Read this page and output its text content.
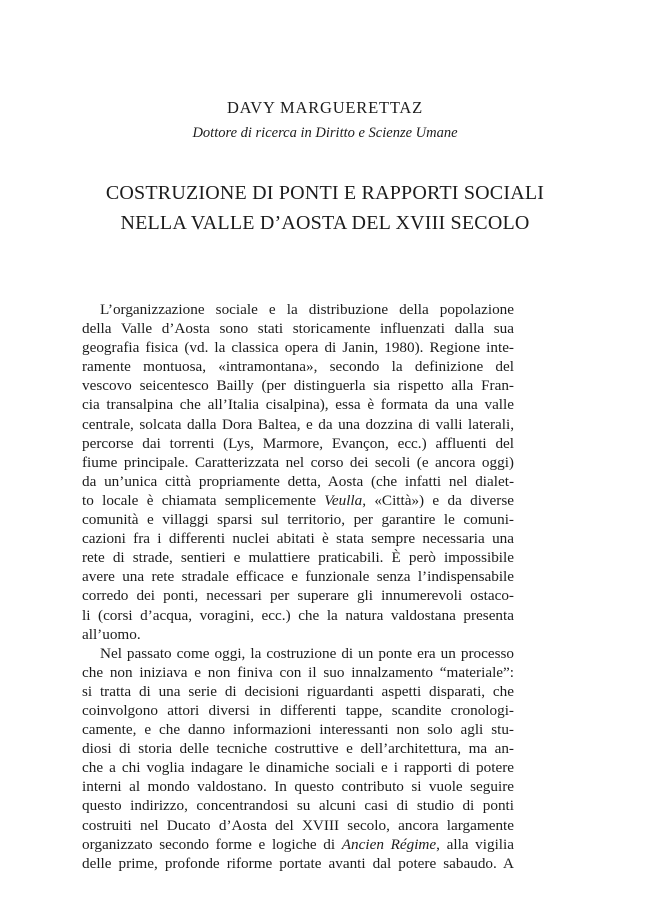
DAVY MARGUERETTAZ
Dottore di ricerca in Diritto e Scienze Umane
COSTRUZIONE DI PONTI E RAPPORTI SOCIALI
NELLA VALLE D’AOSTA DEL XVIII SECOLO
L’organizzazione sociale e la distribuzione della popolazione
della Valle d’Aosta sono stati storicamente influenzati dalla sua
geografia fisica (vd. la classica opera di Janin, 1980). Regione inte-
ramente montuosa, «intramontana», secondo la definizione del
vescovo seicentesco Bailly (per distinguerla sia rispetto alla Fran-
cia transalpina che all’Italia cisalpina), essa è formata da una valle
centrale, solcata dalla Dora Baltea, e da una dozzina di valli laterali,
percorse dai torrenti (Lys, Marmore, Evançon, ecc.) affluenti del
fiume principale. Caratterizzata nel corso dei secoli (e ancora oggi)
da un’unica città propriamente detta, Aosta (che infatti nel dialet-
to locale è chiamata semplicemente Veulla, «Città») e da diverse
comunità e villaggi sparsi sul territorio, per garantire le comuni-
cazioni fra i differenti nuclei abitati è stata sempre necessaria una
rete di strade, sentieri e mulattiere praticabili. È però impossibile
avere una rete stradale efficace e funzionale senza l’indispensabile
corredo dei ponti, necessari per superare gli innumerevoli ostaco-
li (corsi d’acqua, voragini, ecc.) che la natura valdostana presenta
all’uomo.
Nel passato come oggi, la costruzione di un ponte era un processo
che non iniziava e non finiva con il suo innalzamento “materiale”:
si tratta di una serie di decisioni riguardanti aspetti disparati, che
coinvolgono attori diversi in differenti tappe, scandite cronologi-
camente, e che danno informazioni interessanti non solo agli stu-
diosi di storia delle tecniche costruttive e dell’architettura, ma an-
che a chi voglia indagare le dinamiche sociali e i rapporti di potere
interni al mondo valdostano. In questo contributo si vuole seguire
questo indirizzo, concentrandosi su alcuni casi di studio di ponti
costruiti nel Ducato d’Aosta del XVIII secolo, ancora largamente
organizzato secondo forme e logiche di Ancien Régime, alla vigilia
delle prime, profonde riforme portate avanti dal potere sabaudo. A
